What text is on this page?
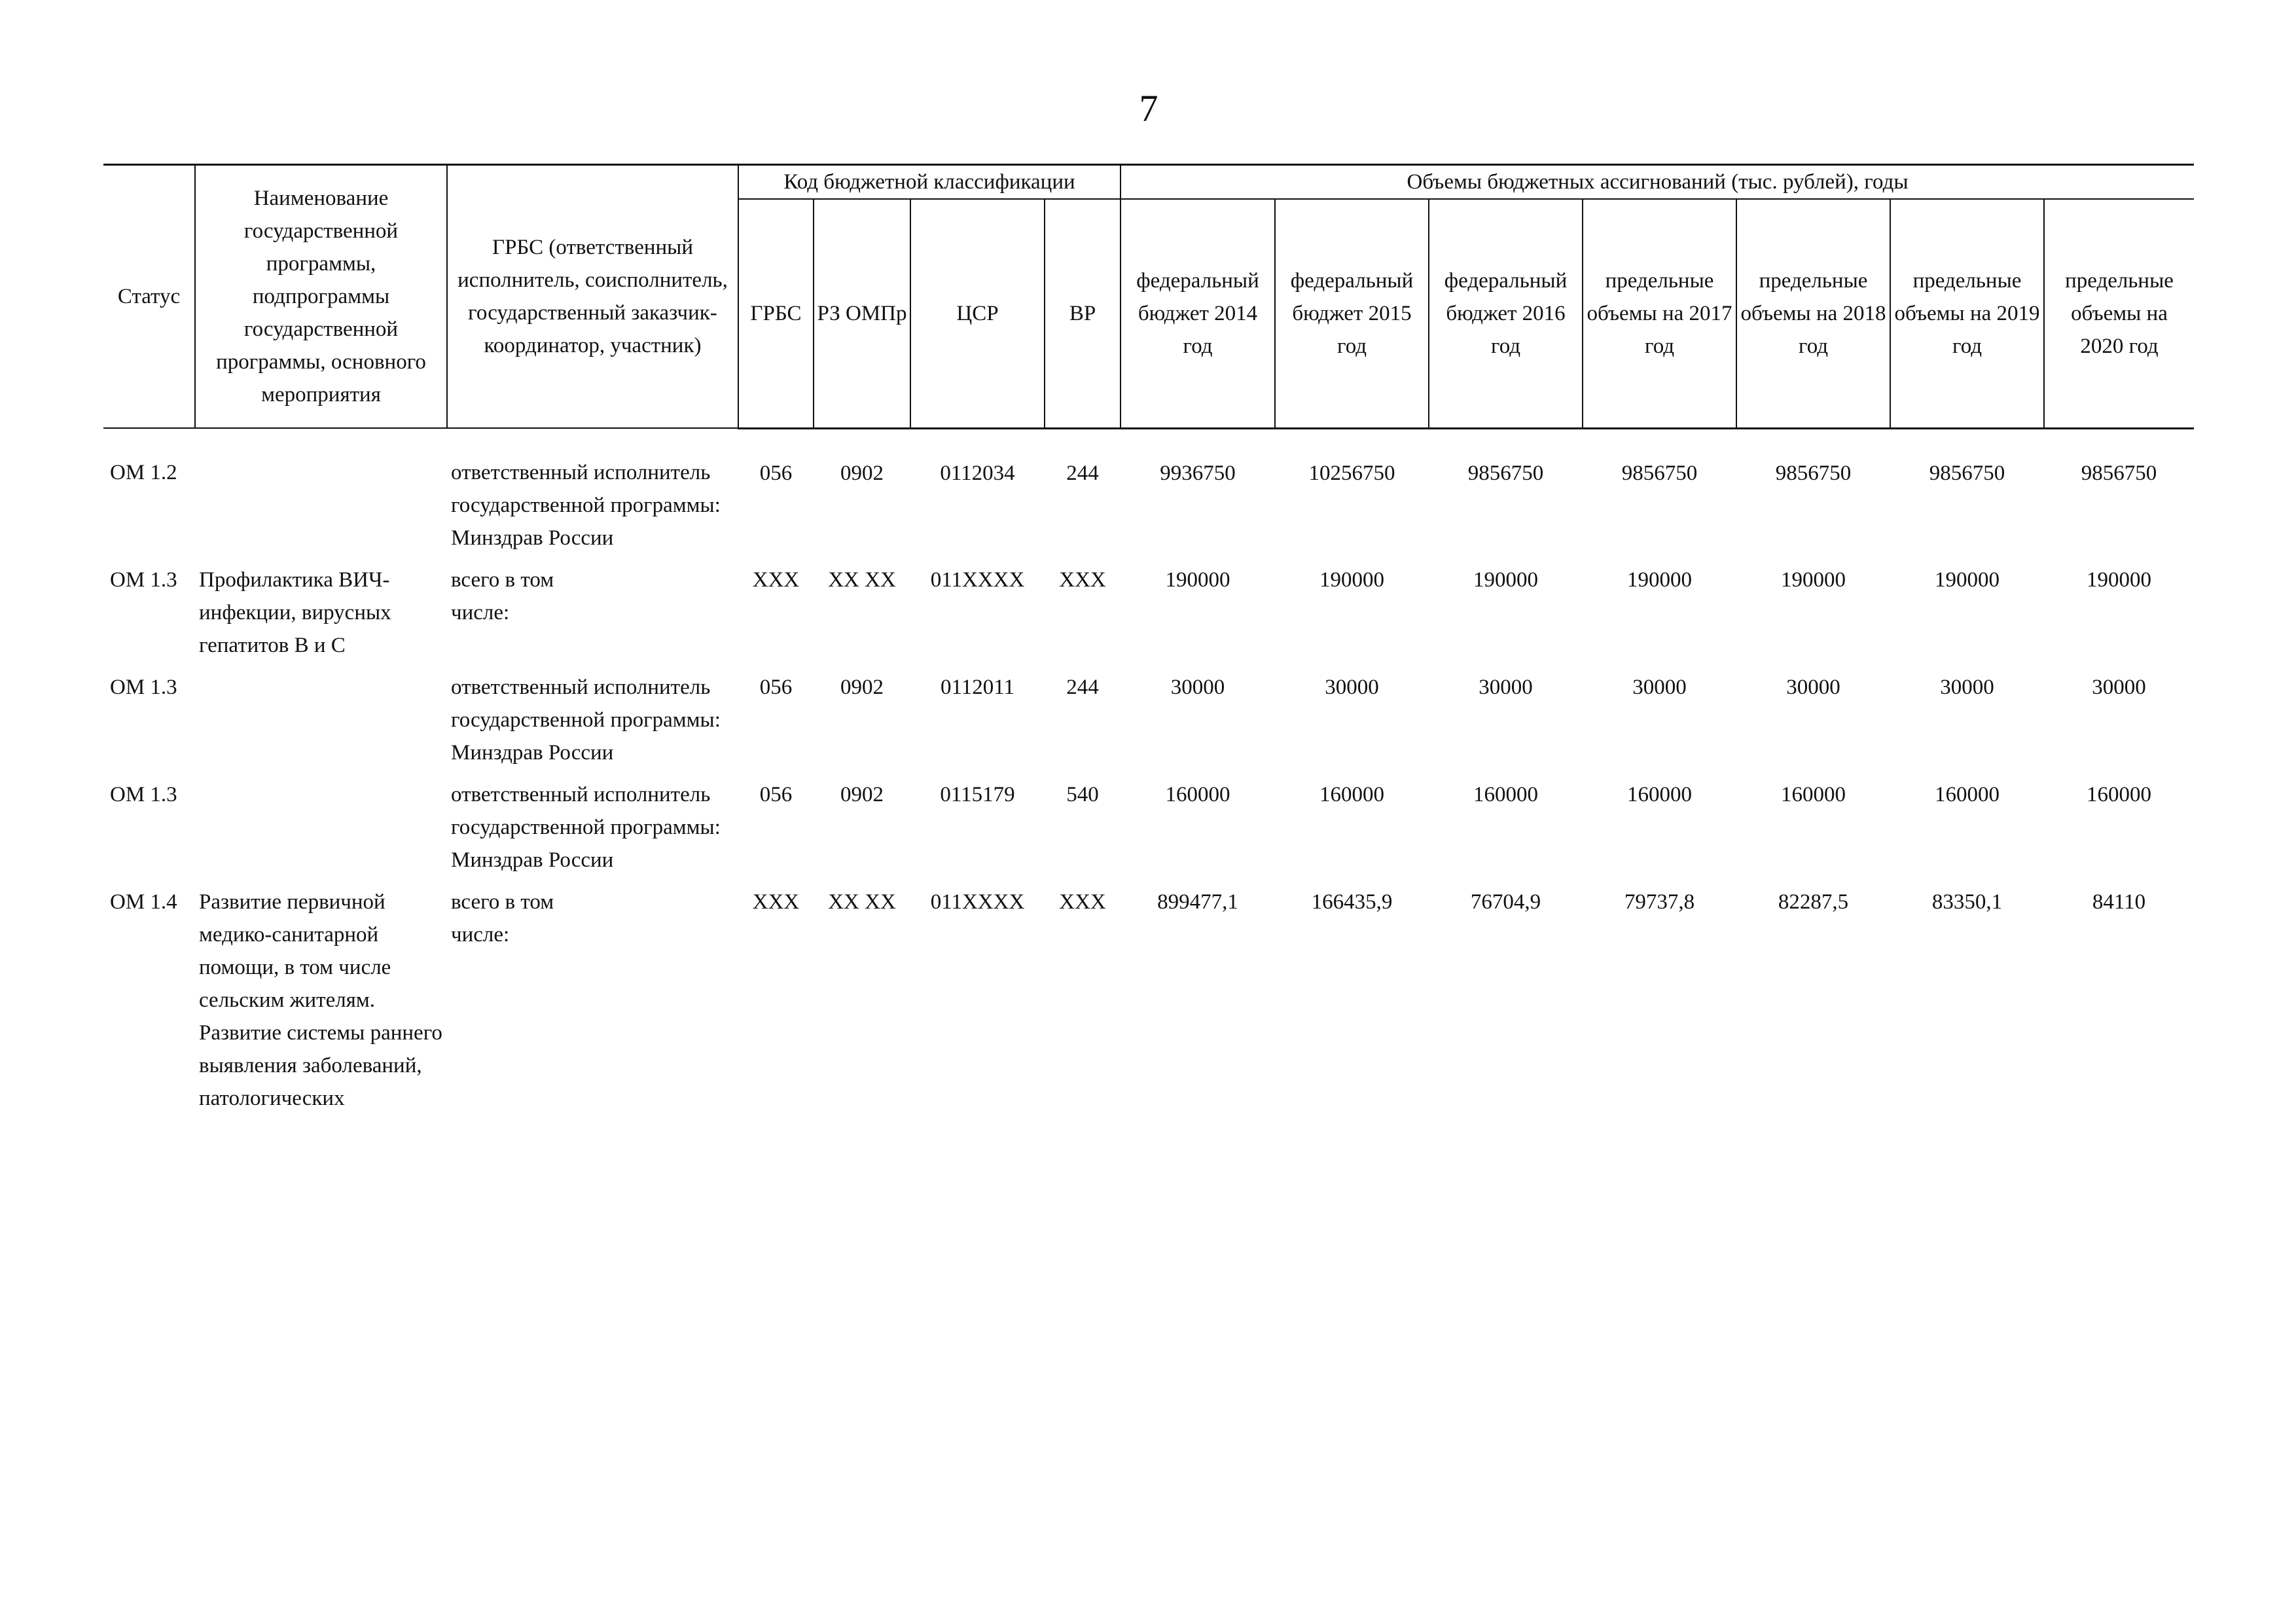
7
Статус	Наименование государственной программы, подпрограммы государственной программы, основного мероприятия	ГРБС (ответственный исполнитель, соисполнитель, государственный заказчик-координатор, участник)	Код бюджетной классификации				Объемы бюджетных ассигнований (тыс. рублей), годы						
			ГРБС	РЗ ОМПр	ЦСР	ВР	федеральный бюджет 2014 год	федеральный бюджет 2015 год	федеральный бюджет 2016 год	предельные объемы на 2017 год	предельные объемы на 2018 год	предельные объемы на 2019 год	предельные объемы на 2020 год
ОМ 1.2		ответственный исполнитель государственной программы: Минздрав России	056	0902	0112034	244	9936750	10256750	9856750	9856750	9856750	9856750	9856750
ОМ 1.3	Профилактика ВИЧ-инфекции, вирусных гепатитов В и С	всего в том числе:	XXX	XX XX	011XXXX	XXX	190000	190000	190000	190000	190000	190000	190000
ОМ 1.3		ответственный исполнитель государственной программы: Минздрав России	056	0902	0112011	244	30000	30000	30000	30000	30000	30000	30000
ОМ 1.3		ответственный исполнитель государственной программы: Минздрав России	056	0902	0115179	540	160000	160000	160000	160000	160000	160000	160000
ОМ 1.4	Развитие первичной медико-санитарной помощи, в том числе сельским жителям. Развитие системы раннего выявления заболеваний, патологических	всего в том числе:	XXX	XX XX	011XXXX	XXX	899477,1	166435,9	76704,9	79737,8	82287,5	83350,1	84110
